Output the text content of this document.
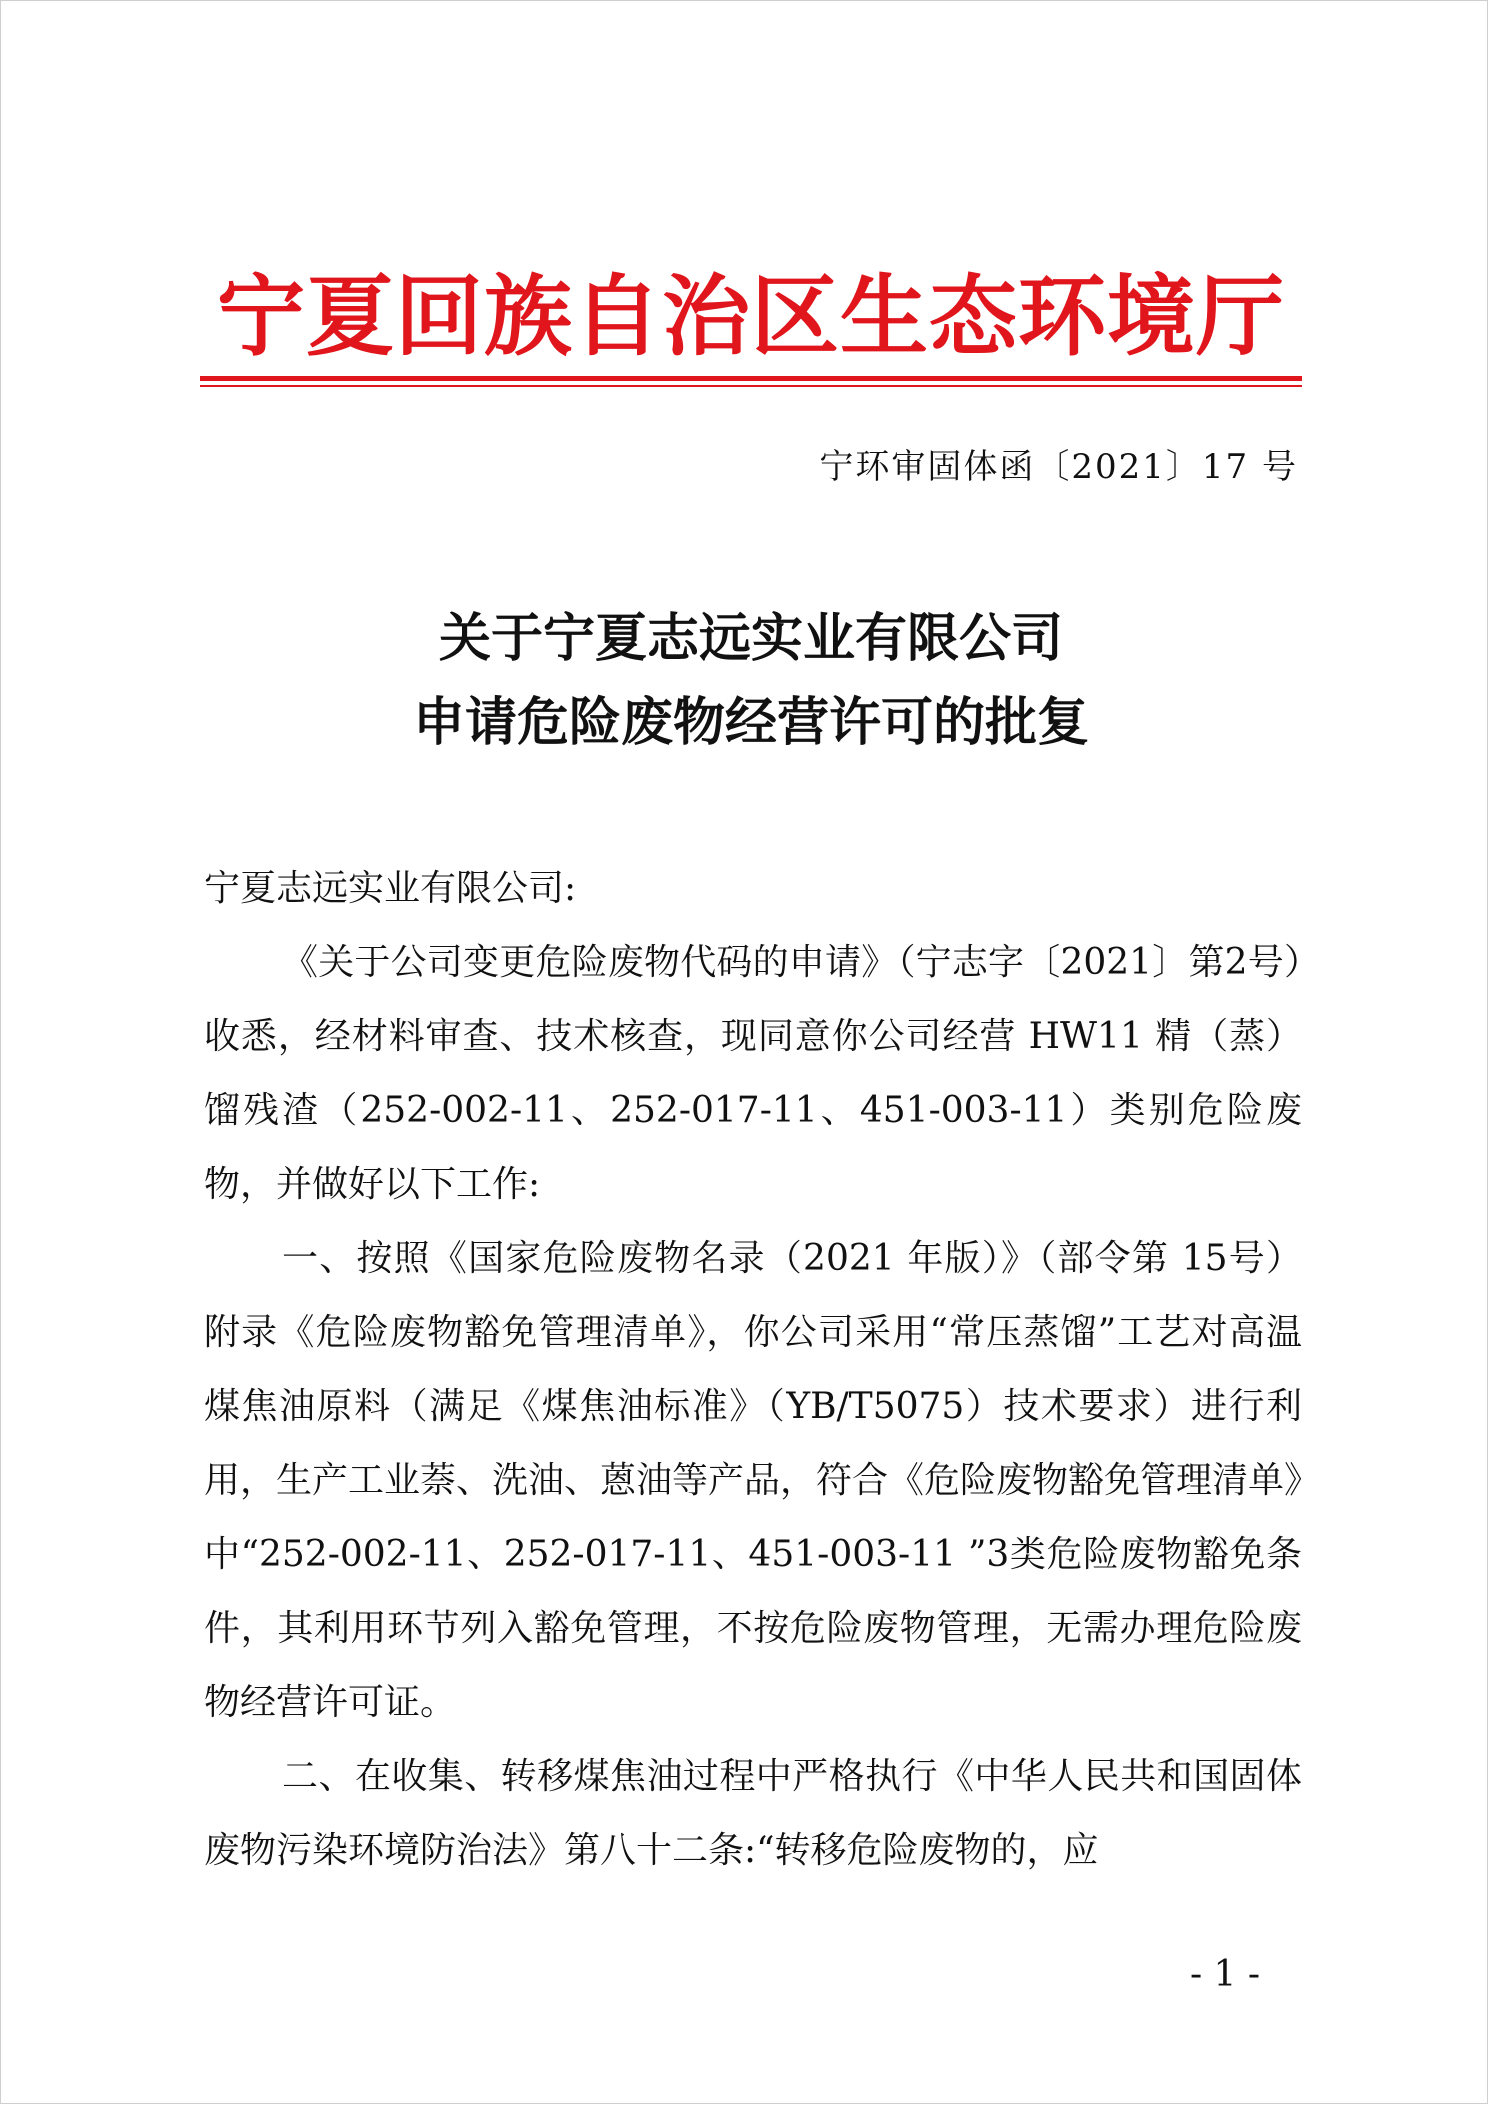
宁夏回族自治区生态环境厅
宁环审固体函〔2021〕17 号
关于宁夏志远实业有限公司
申请危险废物经营许可的批复

宁夏志远实业有限公司:

《关于公司变更危险废物代码的申请》（宁志字〔2021〕第2号）收悉，经材料审查、技术核查，现同意你公司经营 HW11 精（蒸）馏残渣（252-002-11、252-017-11、451-003-11）类别危险废物，并做好以下工作:

一、按照《国家危险废物名录（2021 年版）》（部令第 15号）附录《危险废物豁免管理清单》，你公司采用“常压蒸馏”工艺对高温煤焦油原料（满足《煤焦油标准》（YB/T5075）技术要求）进行利用，生产工业萘、洗油、蒽油等产品，符合《危险废物豁免管理清单》中“252-002-11、252-017-11、451-003-11 ”3类危险废物豁免条件，其利用环节列入豁免管理，不按危险废物管理，无需办理危险废物经营许可证。

二、在收集、转移煤焦油过程中严格执行《中华人民共和国固体废物污染环境防治法》第八十二条:“转移危险废物的，应

- 1 -
